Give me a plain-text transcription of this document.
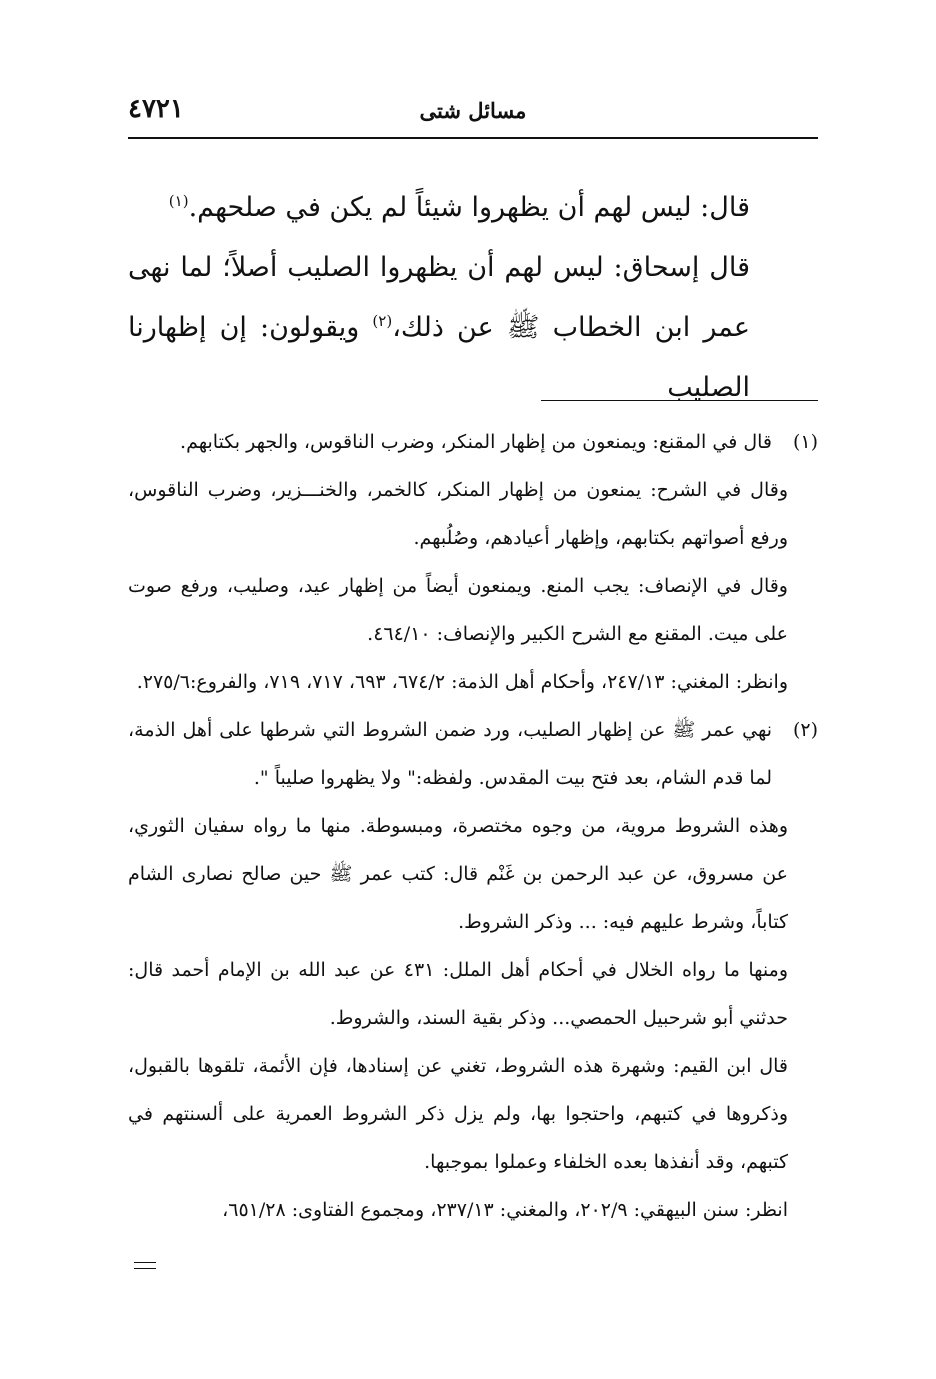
٤٧٢١	مسائل شتى

قال: ليس لهم أن يظهروا شيئاً لم يكن في صلحهم.$^{(١)}$

قال إسحاق: ليس لهم أن يظهروا الصليب أصلاً؛ لما نهى عمر ابن الخطاب ﷺ عن ذلك،$^{(٢)}$ ويقولون: إن إظهارنا الصليب

(١)

قال في المقنع: ويمنعون من إظهار المنكر، وضرب الناقوس، والجهر بكتابهم.

وقال في الشرح: يمنعون من إظهار المنكر، كالخمر، والخنـــزير، وضرب الناقوس، ورفع أصواتهم بكتابهم، وإظهار أعيادهم، وصُلُبهم.

وقال في الإنصاف: يجب المنع. ويمنعون أيضاً من إظهار عيد، وصليب، ورفع صوت على ميت. المقنع مع الشرح الكبير والإنصاف: ٤٦٤/١٠.

وانظر: المغني: ٢٤٧/١٣، وأحكام أهل الذمة: ٦٧٤/٢، ٦٩٣، ٧١٧، ٧١٩، والفروع:٢٧٥/٦.

(٢)

نهي عمر ﷺ عن إظهار الصليب، ورد ضمن الشروط التي شرطها على أهل الذمة، لما قدم الشام، بعد فتح بيت المقدس. ولفظه:" ولا يظهروا صليباً ".

وهذه الشروط مروية، من وجوه مختصرة، ومبسوطة. منها ما رواه سفيان الثوري، عن مسروق، عن عبد الرحمن بن غَنْم قال: كتب عمر ﷺ حين صالح نصارى الشام كتاباً، وشرط عليهم فيه: ... وذكر الشروط.

ومنها ما رواه الخلال في أحكام أهل الملل: ٤٣١ عن عبد الله بن الإمام أحمد قال: حدثني أبو شرحبيل الحمصي... وذكر بقية السند، والشروط.

قال ابن القيم: وشهرة هذه الشروط، تغني عن إسنادها، فإن الأئمة، تلقوها بالقبول، وذكروها في كتبهم، واحتجوا بها، ولم يزل ذكر الشروط العمرية على ألسنتهم في كتبهم، وقد أنفذها بعده الخلفاء وعملوا بموجبها.

انظر: سنن البيهقي: ٢٠٢/٩، والمغني: ٢٣٧/١٣، ومجموع الفتاوى: ٦٥١/٢٨،
